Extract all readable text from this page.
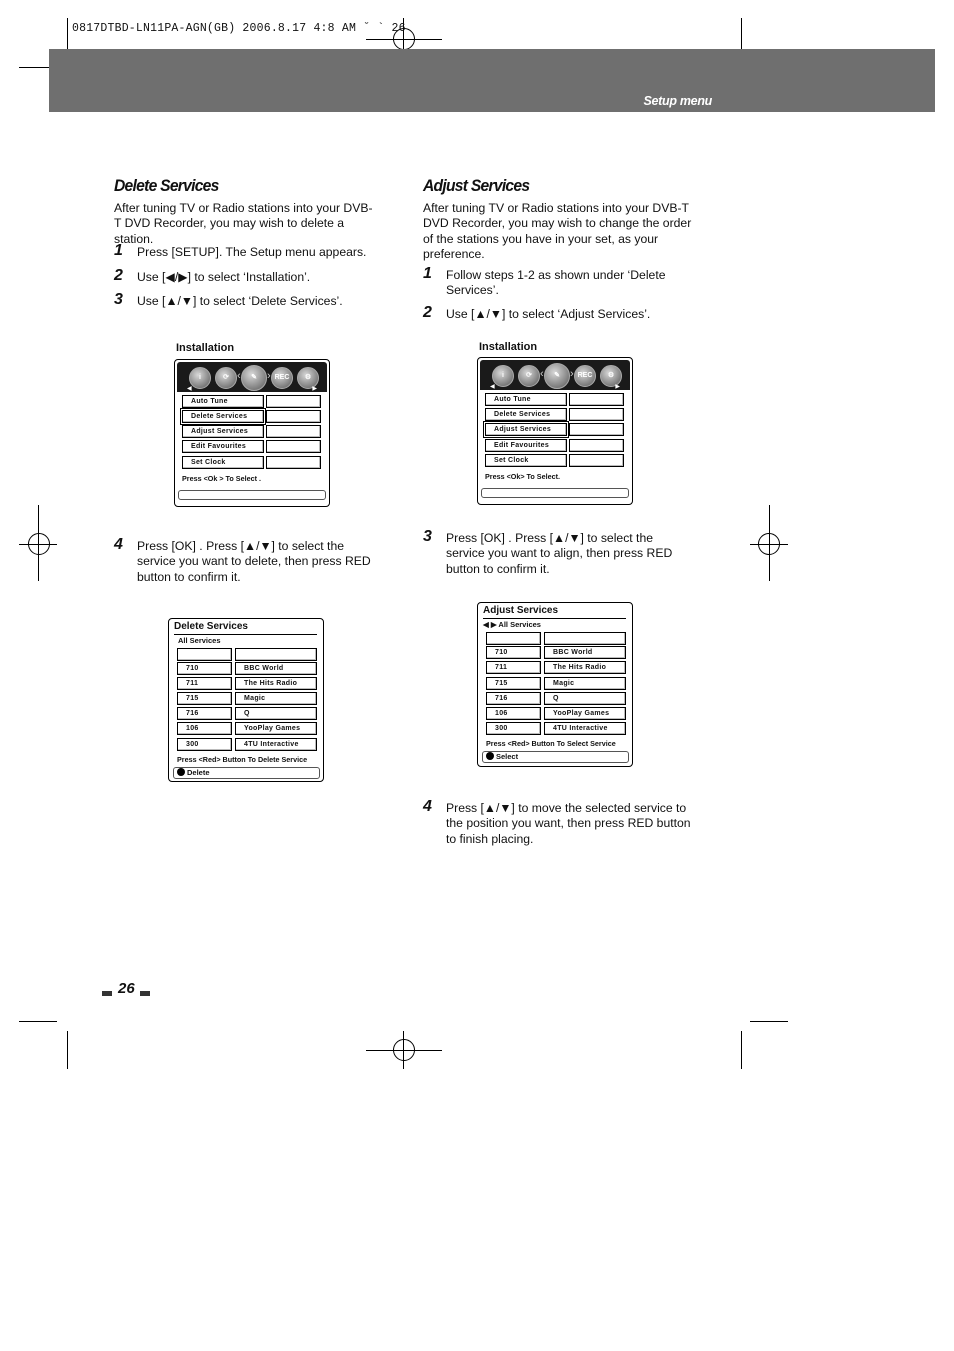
0817DTBD-LN11PA-AGN(GB) 2006.8.17 4:8 AM ˘ ` 26
Setup menu
Delete Services
After tuning TV or Radio stations into your DVB-T DVD Recorder, you may wish to delete a station.
1 Press [SETUP]. The Setup menu appears.
2 Use [◀/▶] to select ‘Installation’.
3 Use [▲/▼] to select ‘Delete Services’.
Installation
i	⟳ ‹	✎ › REC	⚙
◀	▶
Auto Tune
Delete Services
Adjust Services
Edit Favourites
Set Clock
Press <Ok > To Select .
4 Press [OK] . Press [▲/▼] to select the service you want to delete, then press RED button to confirm it.
Delete Services
All Services
710	BBC World
711	The Hits Radio
715	Magic
716	Q
106	YooPlay Games
300	4TU Interactive
Press <Red> Button To Delete Service
Delete
Adjust Services
After tuning TV or Radio stations into your DVB-T DVD Recorder, you may wish to change the order of the stations you have in your set, as your preference.
1 Follow steps 1-2 as shown under ‘Delete Services’.
2 Use [▲/▼] to select ‘Adjust Services’.
Installation
i	⟳ ‹	✎ › REC	⚙
◀	▶
Auto Tune
Delete Services
Adjust Services
Edit Favourites
Set Clock
Press <Ok> To Select.
3 Press [OK] . Press [▲/▼] to select the service you want to align, then press RED button to confirm it.
Adjust Services
◀ ▶ All Services
710	BBC World
711	The Hits Radio
715	Magic
716	Q
106	YooPlay Games
300	4TU Interactive
Press <Red> Button To Select Service
Select
4 Press [▲/▼] to move the selected service to the position you want, then press RED button to finish placing.
26
